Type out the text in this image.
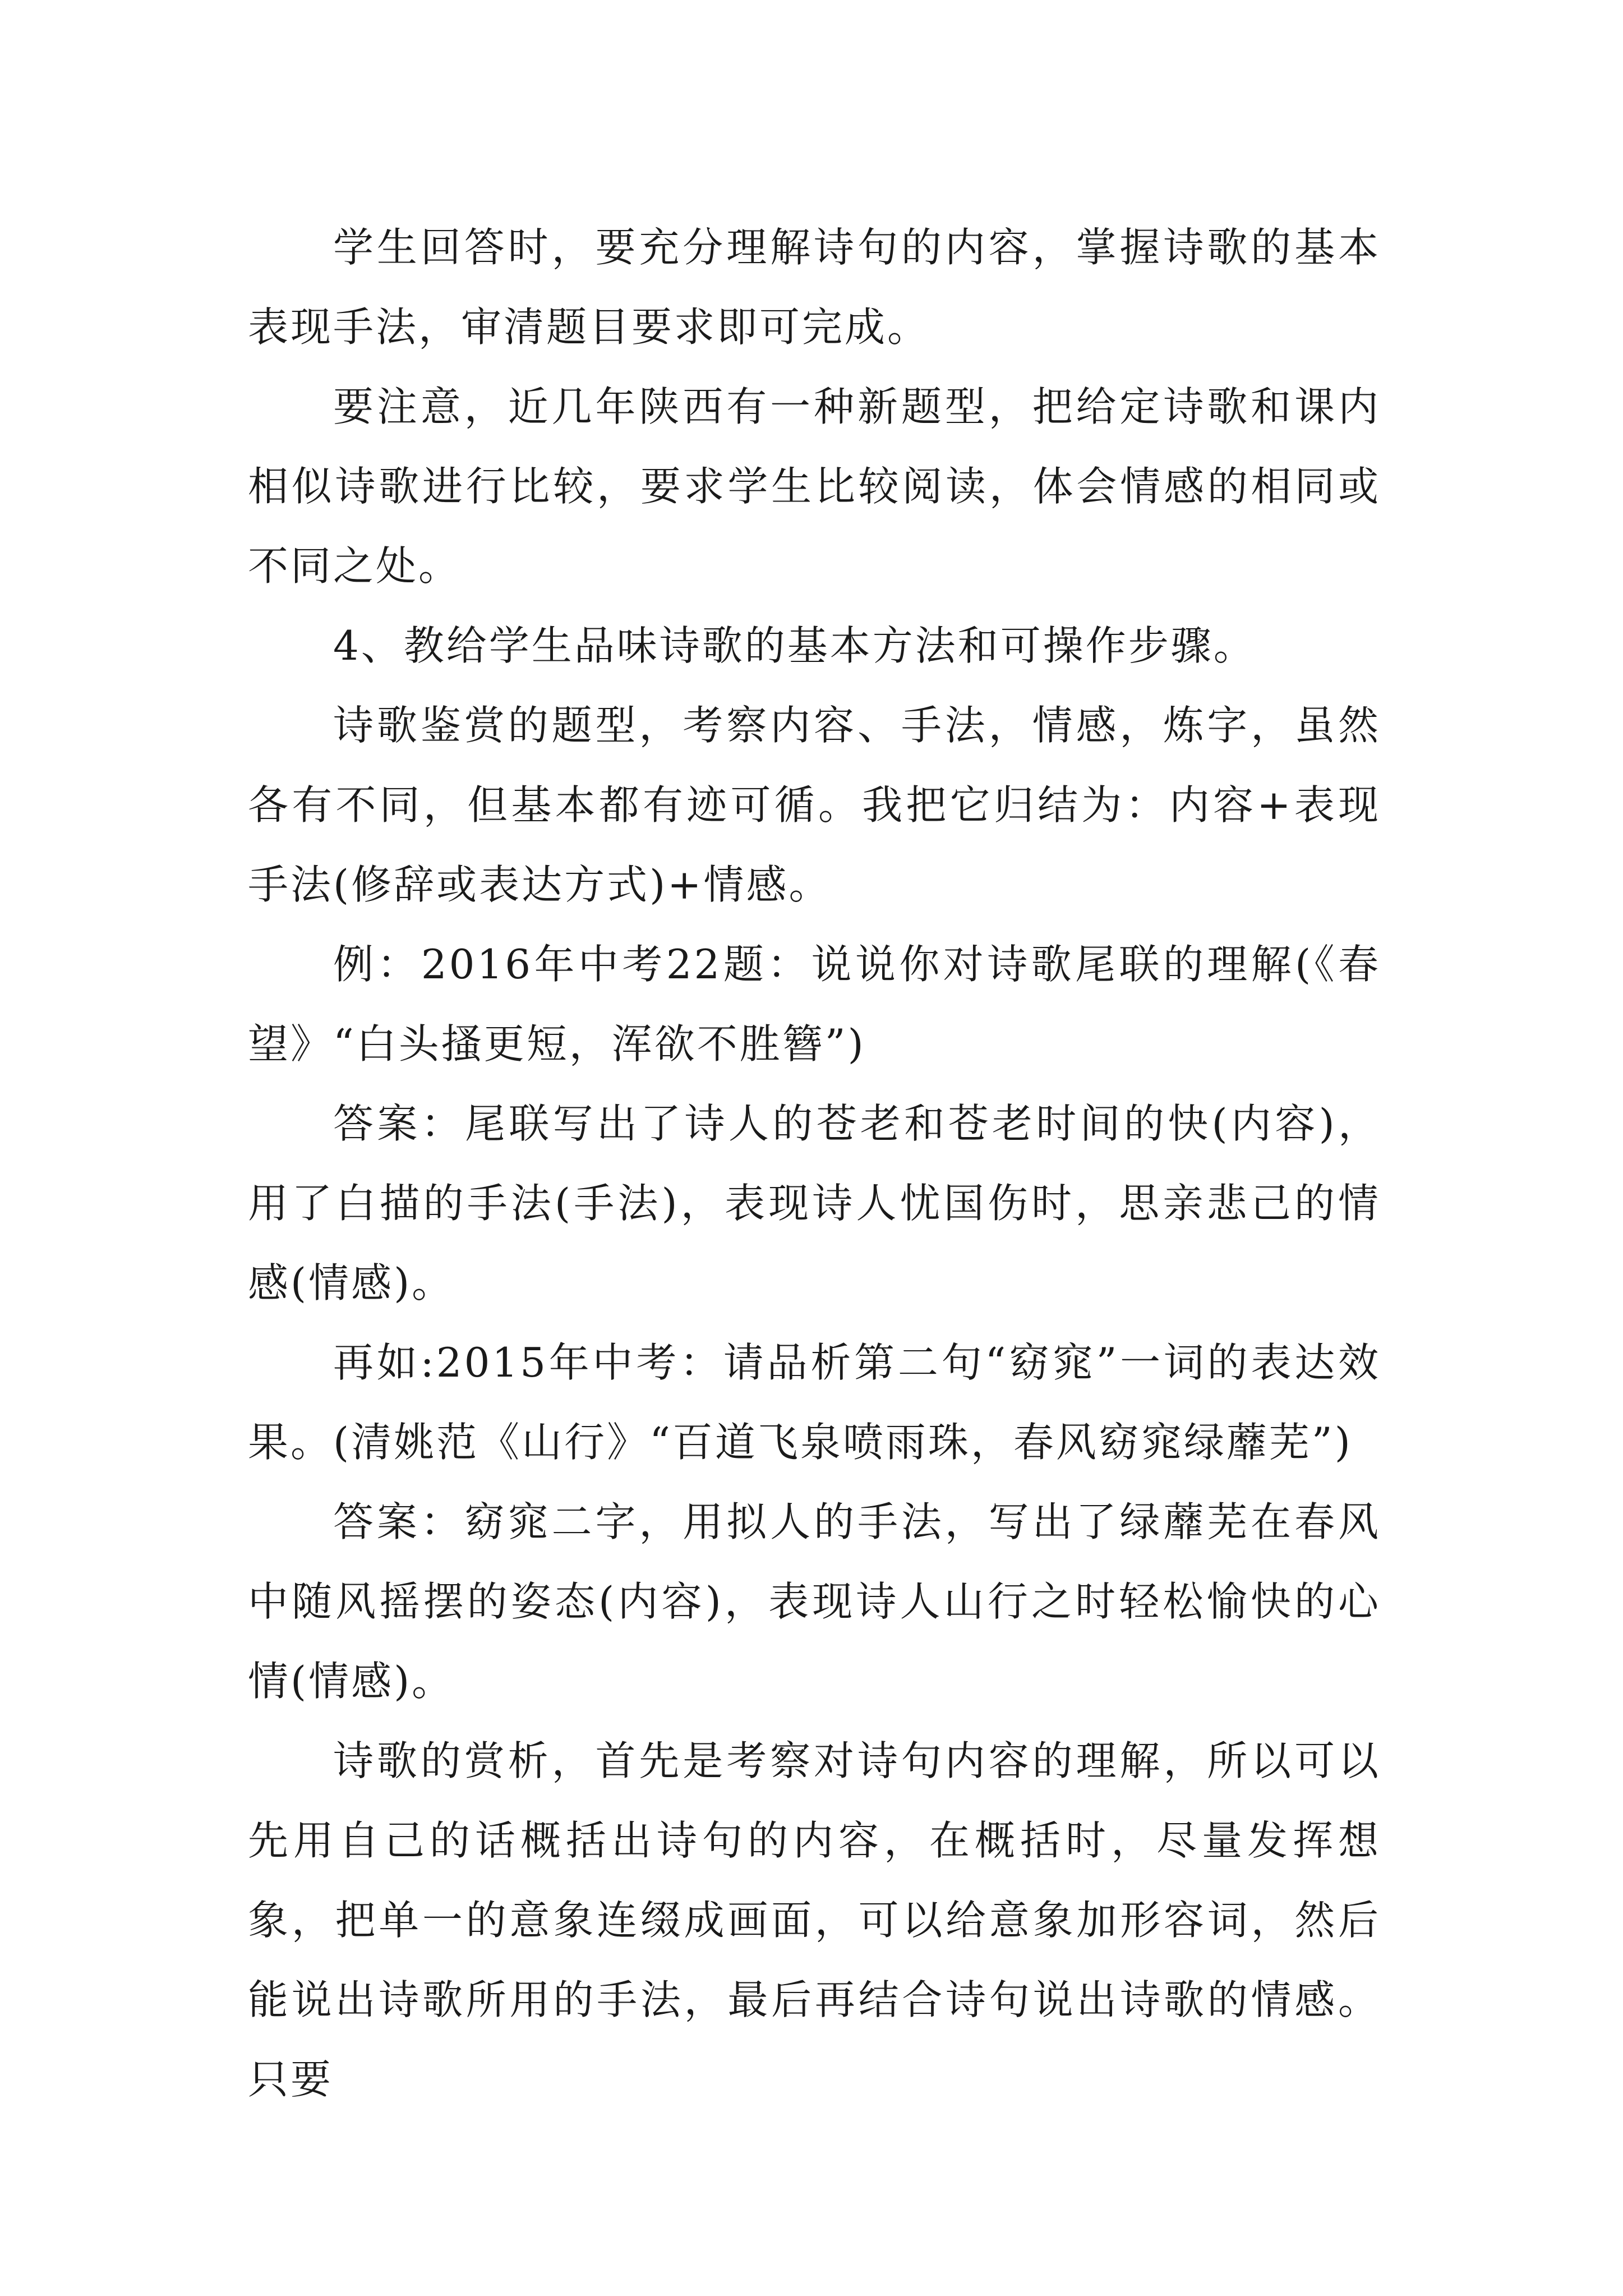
学生回答时，要充分理解诗句的内容，掌握诗歌的基本表现手法，审清题目要求即可完成。

要注意，近几年陕西有一种新题型，把给定诗歌和课内相似诗歌进行比较，要求学生比较阅读，体会情感的相同或不同之处。

4、教给学生品味诗歌的基本方法和可操作步骤。

诗歌鉴赏的题型，考察内容、手法，情感，炼字，虽然各有不同，但基本都有迹可循。我把它归结为：内容+表现手法(修辞或表达方式)+情感。

例：2016年中考22题：说说你对诗歌尾联的理解(《春望》“白头搔更短，浑欲不胜簪”)

答案：尾联写出了诗人的苍老和苍老时间的快(内容)，用了白描的手法(手法)，表现诗人忧国伤时，思亲悲己的情感(情感)。

再如:2015年中考：请品析第二句“窈窕”一词的表达效果。(清姚范《山行》“百道飞泉喷雨珠，春风窈窕绿蘼芜”)

答案：窈窕二字，用拟人的手法，写出了绿蘼芜在春风中随风摇摆的姿态(内容)，表现诗人山行之时轻松愉快的心情(情感)。

诗歌的赏析，首先是考察对诗句内容的理解，所以可以先用自己的话概括出诗句的内容，在概括时，尽量发挥想象，把单一的意象连缀成画面，可以给意象加形容词，然后能说出诗歌所用的手法，最后再结合诗句说出诗歌的情感。只要
